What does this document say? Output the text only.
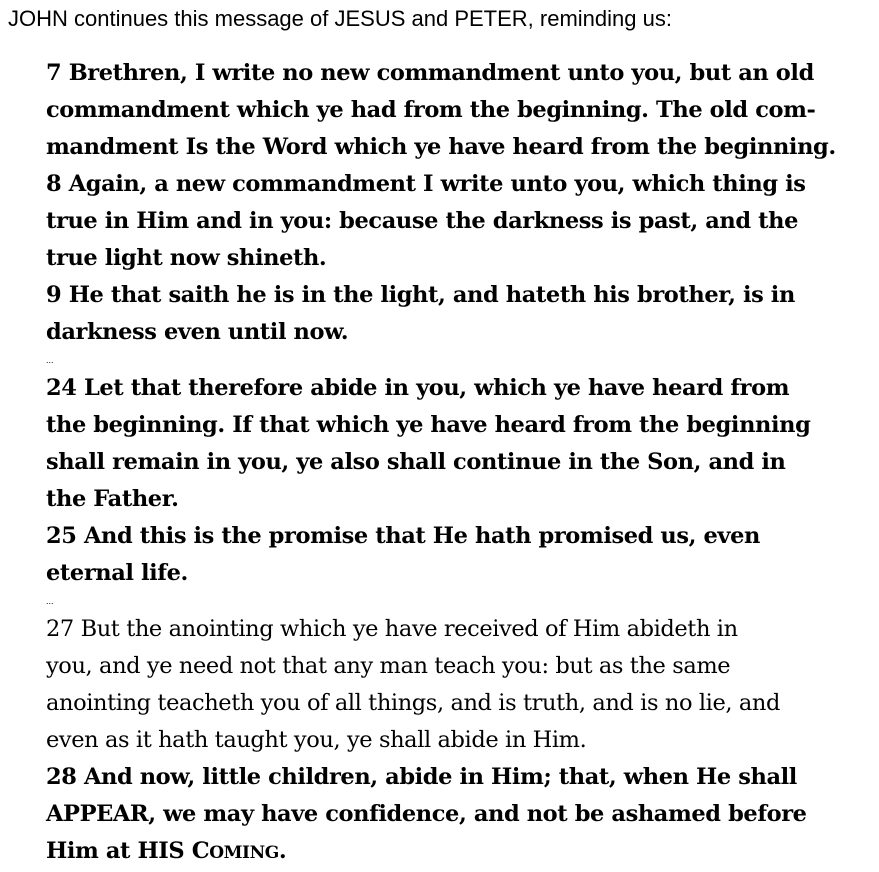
JOHN continues this message of JESUS and PETER, reminding us:
7 Brethren, I write no new commandment unto you, but an old
commandment which ye had from the beginning. The old com-
mandment Is the Word which ye have heard from the beginning.
8 Again, a new commandment I write unto you, which thing is
true in Him and in you: because the darkness is past, and the
true light now shineth.
9 He that saith he is in the light, and hateth his brother, is in
darkness even until now.
...
24 Let that therefore abide in you, which ye have heard from
the beginning. If that which ye have heard from the beginning
shall remain in you, ye also shall continue in the Son, and in
the Father.
25 And this is the promise that He hath promised us, even
eternal life.
...
27 But the anointing which ye have received of Him abideth in
you, and ye need not that any man teach you: but as the same
anointing teacheth you of all things, and is truth, and is no lie, and
even as it hath taught you, ye shall abide in Him.
28 And now, little children, abide in Him; that, when He shall
APPEAR, we may have confidence, and not be ashamed before
Him at HIS COMING.
